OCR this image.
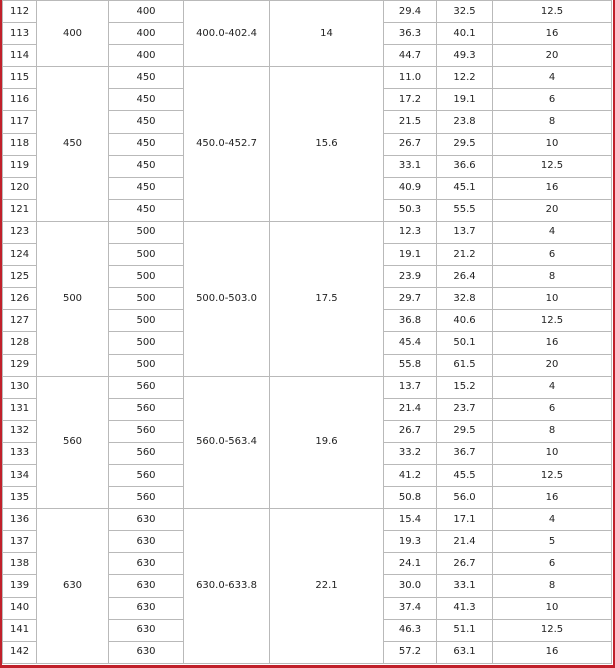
112	400	400	400.0-402.4	14	29.4	32.5	12.5
113		400			36.3	40.1	16
114		400			44.7	49.3	20
115	450	450	450.0-452.7	15.6	11.0	12.2	4
116		450			17.2	19.1	6
117		450			21.5	23.8	8
118		450			26.7	29.5	10
119		450			33.1	36.6	12.5
120		450			40.9	45.1	16
121		450			50.3	55.5	20
123	500	500	500.0-503.0	17.5	12.3	13.7	4
124		500			19.1	21.2	6
125		500			23.9	26.4	8
126		500			29.7	32.8	10
127		500			36.8	40.6	12.5
128		500			45.4	50.1	16
129		500			55.8	61.5	20
130	560	560	560.0-563.4	19.6	13.7	15.2	4
131		560			21.4	23.7	6
132		560			26.7	29.5	8
133		560			33.2	36.7	10
134		560			41.2	45.5	12.5
135		560			50.8	56.0	16
136	630	630	630.0-633.8	22.1	15.4	17.1	4
137		630			19.3	21.4	5
138		630			24.1	26.7	6
139		630			30.0	33.1	8
140		630			37.4	41.3	10
141		630			46.3	51.1	12.5
142		630			57.2	63.1	16
